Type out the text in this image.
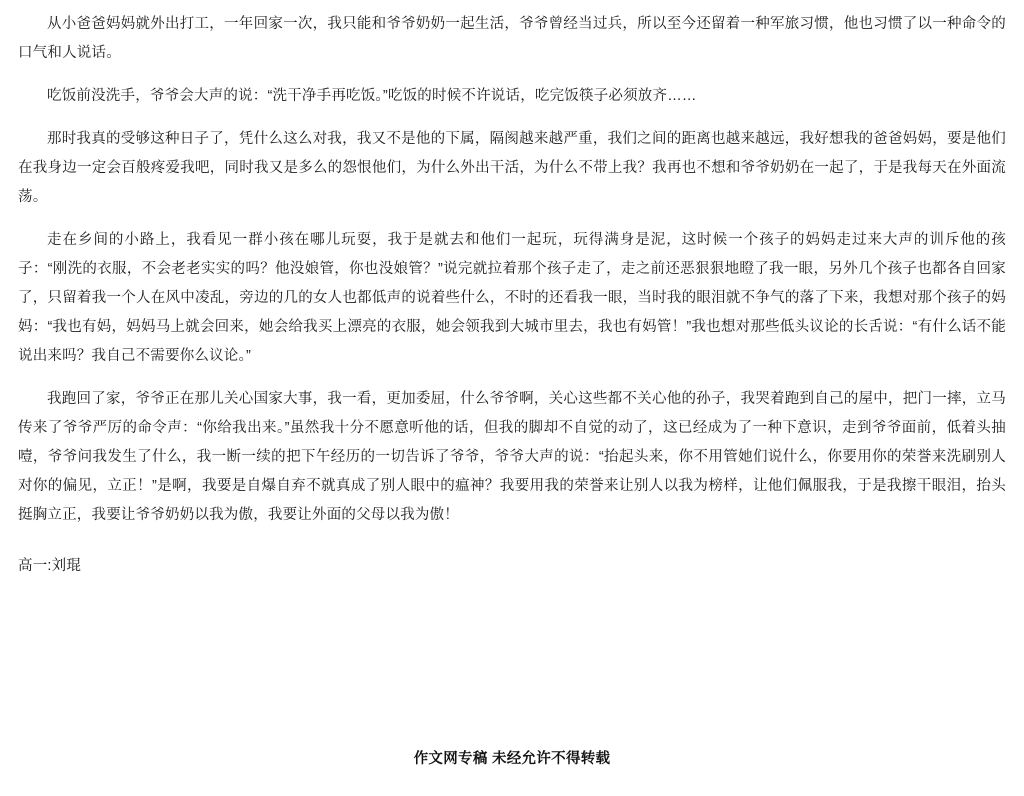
从小爸爸妈妈就外出打工，一年回家一次，我只能和爷爷奶奶一起生活，爷爷曾经当过兵，所以至今还留着一种军旅习惯，他也习惯了以一种命令的口气和人说话。

吃饭前没洗手，爷爷会大声的说：“洗干净手再吃饭。”吃饭的时候不许说话，吃完饭筷子必须放齐……

那时我真的受够这种日子了，凭什么这么对我，我又不是他的下属，隔阂越来越严重，我们之间的距离也越来越远，我好想我的爸爸妈妈，要是他们在我身边一定会百般疼爱我吧，同时我又是多么的怨恨他们，为什么外出干活，为什么不带上我？我再也不想和爷爷奶奶在一起了，于是我每天在外面流荡。

走在乡间的小路上，我看见一群小孩在哪儿玩耍，我于是就去和他们一起玩，玩得满身是泥，这时候一个孩子的妈妈走过来大声的训斥他的孩子：“刚洗的衣服，不会老老实实的吗？他没娘管，你也没娘管？”说完就拉着那个孩子走了，走之前还恶狠狠地瞪了我一眼，另外几个孩子也都各自回家了，只留着我一个人在风中凌乱，旁边的几的女人也都低声的说着些什么，不时的还看我一眼，当时我的眼泪就不争气的落了下来，我想对那个孩子的妈妈：“我也有妈，妈妈马上就会回来，她会给我买上漂亮的衣服，她会领我到大城市里去，我也有妈管！”我也想对那些低头议论的长舌说：“有什么话不能说出来吗？我自己不需要你么议论。”

我跑回了家，爷爷正在那儿关心国家大事，我一看，更加委屈，什么爷爷啊，关心这些都不关心他的孙子，我哭着跑到自己的屋中，把门一摔，立马传来了爷爷严厉的命令声：“你给我出来。”虽然我十分不愿意听他的话，但我的脚却不自觉的动了，这已经成为了一种下意识，走到爷爷面前，低着头抽噎，爷爷问我发生了什么，我一断一续的把下午经历的一切告诉了爷爷，爷爷大声的说：“抬起头来，你不用管她们说什么，你要用你的荣誉来洗刷别人对你的偏见，立正！”是啊，我要是自爆自弃不就真成了别人眼中的瘟神？我要用我的荣誉来让别人以我为榜样，让他们佩服我，于是我擦干眼泪，抬头挺胸立正，我要让爷爷奶奶以我为傲，我要让外面的父母以我为傲！

高一:刘琨

作文网专稿 未经允许不得转载
